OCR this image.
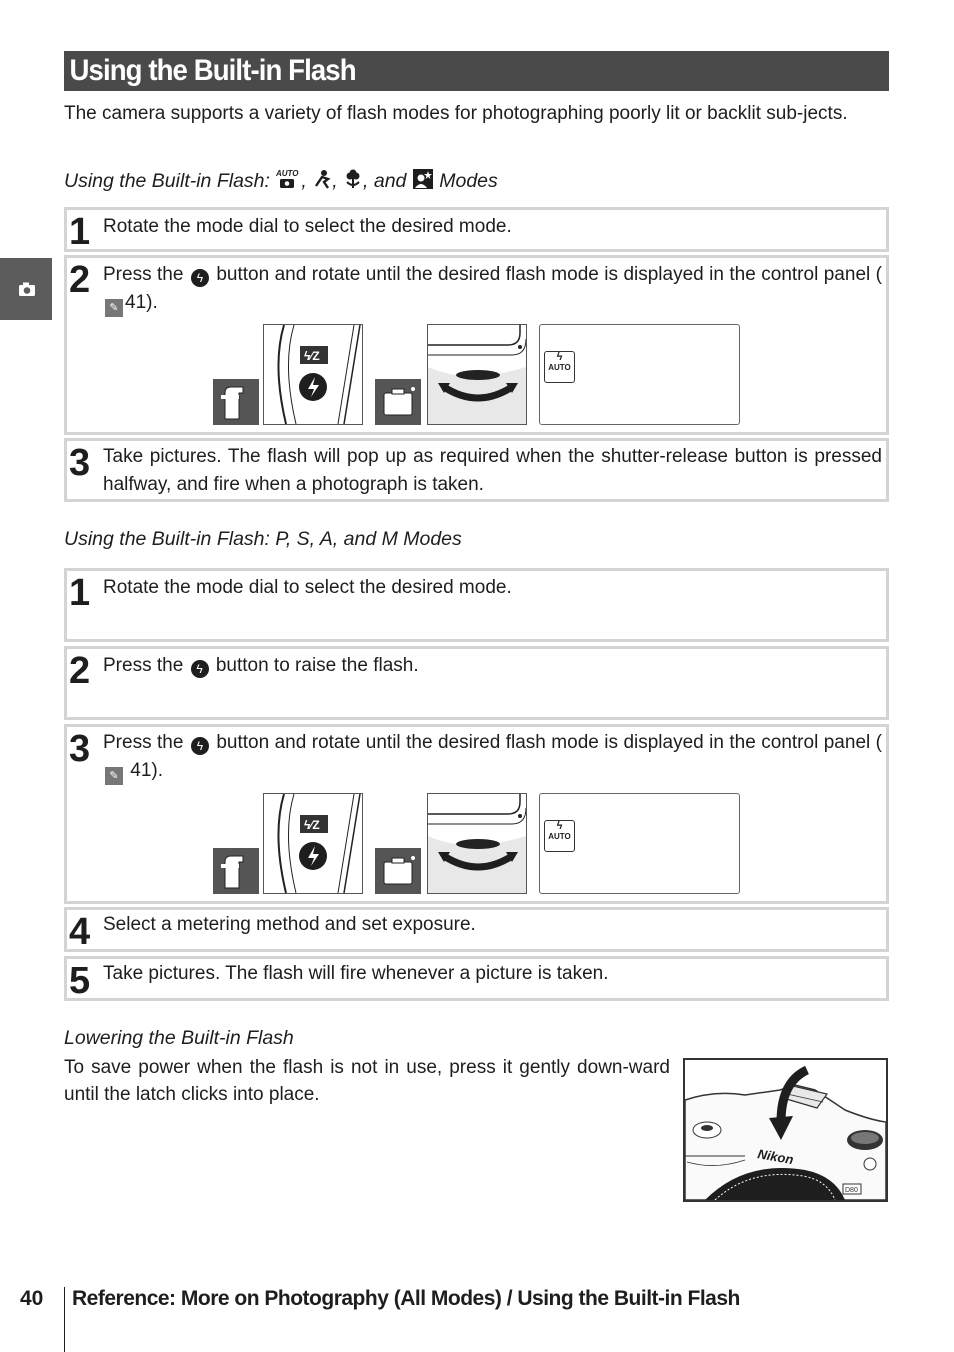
Using the Built-in Flash

The camera supports a variety of flash modes for photographing poorly lit or backlit sub-jects.

Using the Built-in Flash: AUTO , , , and Modes
1 Rotate the mode dial to select the desired mode.

2 Press the ϟ button and rotate until the desired flash mode is displayed in the control panel (✎ 41).

ϟ⁄Z	ϟ
AUTO
3 Take pictures. The flash will pop up as required when the shutter-release button is pressed halfway, and fire when a photograph is taken.

Using the Built-in Flash: P, S, A, and M Modes

1 Rotate the mode dial to select the desired mode.

2 Press the ϟ button to raise the flash.

3 Press the ϟ button and rotate until the desired flash mode is displayed in the control panel (✎ 41).

ϟ⁄Z	ϟ
AUTO
4 Select a metering method and set exposure.

5 Take pictures. The flash will fire whenever a picture is taken.

Lowering the Built-in Flash

To save power when the flash is not in use, press it gently down-ward until the latch clicks into place.

Nikon
D80

40 Reference: More on Photography (All Modes) / Using the Built-in Flash
